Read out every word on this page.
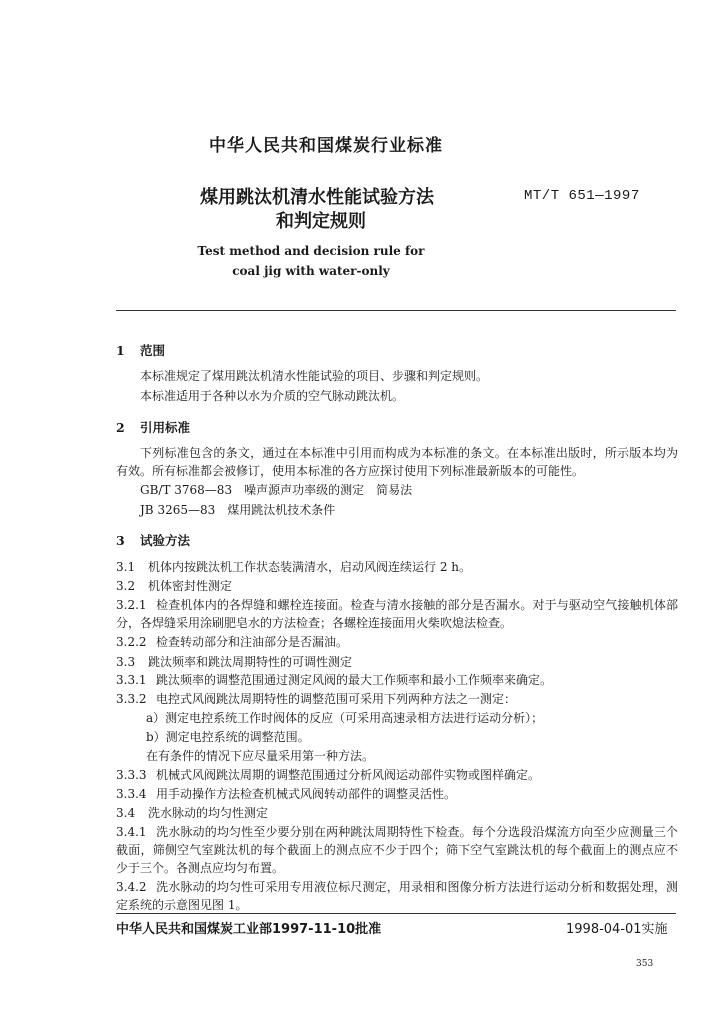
中华人民共和国煤炭行业标准
煤用跳汰机清水性能试验方法	MT/T 651—1997
和判定规则
Test method and decision rule for
coal jig with water-only
1 范围
本标准规定了煤用跳汰机清水性能试验的项目、步骤和判定规则。
本标准适用于各种以水为介质的空气脉动跳汰机。
2 引用标准
下列标准包含的条文，通过在本标准中引用而构成为本标准的条文。在本标准出版时，所示版本均为有效。所有标准都会被修订，使用本标准的各方应探讨使用下列标准最新版本的可能性。
GB/T 3768—83　噪声源声功率级的测定　简易法
JB 3265—83　煤用跳汰机技术条件
3 试验方法
3.1 机体内按跳汰机工作状态装满清水，启动风阀连续运行 2 h。
3.2 机体密封性测定
3.2.1 检查机体内的各焊缝和螺栓连接面。检查与清水接触的部分是否漏水。对于与驱动空气接触机体部分，各焊缝采用涂刷肥皂水的方法检查；各螺栓连接面用火柴吹熄法检查。
3.2.2 检查转动部分和注油部分是否漏油。
3.3 跳汰频率和跳汰周期特性的可调性测定
3.3.1 跳汰频率的调整范围通过测定风阀的最大工作频率和最小工作频率来确定。
3.3.2 电控式风阀跳汰周期特性的调整范围可采用下列两种方法之一测定：
a）测定电控系统工作时阀体的反应（可采用高速录相方法进行运动分析）；
b）测定电控系统的调整范围。
在有条件的情况下应尽量采用第一种方法。
3.3.3 机械式风阀跳汰周期的调整范围通过分析风阀运动部件实物或图样确定。
3.3.4 用手动操作方法检查机械式风阀转动部件的调整灵活性。
3.4 洗水脉动的均匀性测定
3.4.1 洗水脉动的均匀性至少要分别在两种跳汰周期特性下检查。每个分选段沿煤流方向至少应测量三个截面，筛侧空气室跳汰机的每个截面上的测点应不少于四个；筛下空气室跳汰机的每个截面上的测点应不少于三个。各测点应均匀布置。
3.4.2 洗水脉动的均匀性可采用专用液位标尺测定，用录相和图像分析方法进行运动分析和数据处理，测定系统的示意图见图 1。
中华人民共和国煤炭工业部1997-11-10批准	1998-04-01实施
353
